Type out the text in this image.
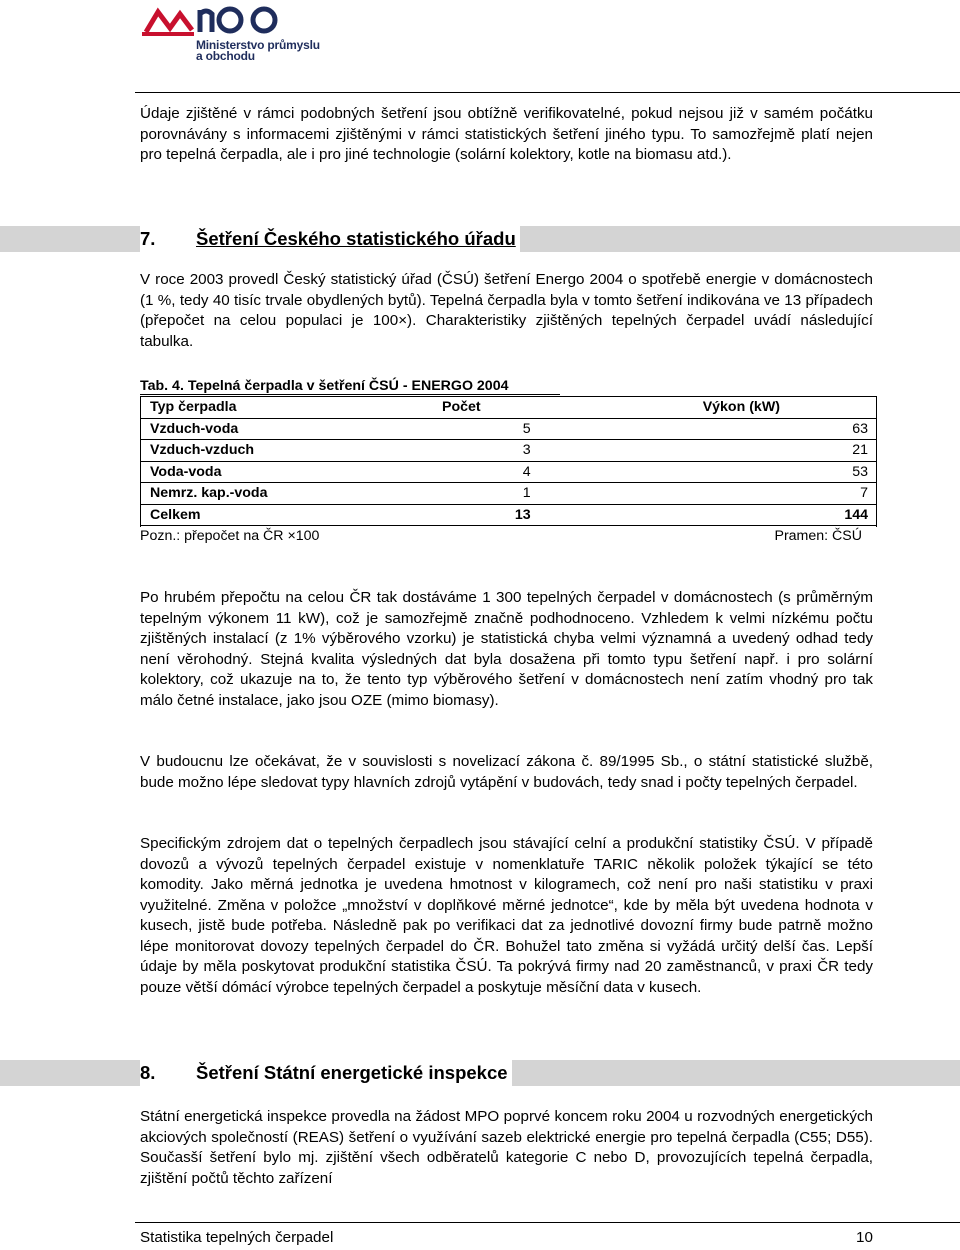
Ministerstvo průmyslu
a obchodu

Údaje zjištěné v rámci podobných šetření jsou obtížně verifikovatelné, pokud nejsou již v samém počátku porovnávány s informacemi zjištěnými v rámci statistických šetření jiného typu. To samozřejmě platí nejen pro tepelná čerpadla, ale i pro jiné technologie (solární kolektory, kotle na biomasu atd.).

7. Šetření Českého statistického úřadu

V roce 2003 provedl Český statistický úřad (ČSÚ) šetření Energo 2004 o spotřebě energie v domácnostech (1 %, tedy 40 tisíc trvale obydlených bytů). Tepelná čerpadla byla v tomto šetření indikována ve 13 případech (přepočet na celou populaci je 100×). Charakteristiky zjištěných tepelných čerpadel uvádí následující tabulka.

Tab. 4. Tepelná čerpadla v šetření ČSÚ - ENERGO 2004
Typ čerpadla	Počet	Výkon (kW)
Vzduch-voda	5	63
Vzduch-vzduch	3	21
Voda-voda	4	53
Nemrz. kap.-voda	1	7
Celkem	13	144
Pozn.: přepočet na ČR ×100	Pramen: ČSÚ

Po hrubém přepočtu na celou ČR tak dostáváme 1 300 tepelných čerpadel v domácnostech (s průměrným tepelným výkonem 11 kW), což je samozřejmě značně podhodnoceno. Vzhledem k velmi nízkému počtu zjištěných instalací (z 1% výběrového vzorku) je statistická chyba velmi významná a uvedený odhad tedy není věrohodný. Stejná kvalita výsledných dat byla dosažena při tomto typu šetření např. i pro solární kolektory, což ukazuje na to, že tento typ výběrového šetření v domácnostech není zatím vhodný pro tak málo četné instalace, jako jsou OZE (mimo biomasy).

V budoucnu lze očekávat, že v souvislosti s novelizací zákona č. 89/1995 Sb., o státní statistické službě, bude možno lépe sledovat typy hlavních zdrojů vytápění v budovách, tedy snad i počty tepelných čerpadel.

Specifickým zdrojem dat o tepelných čerpadlech jsou stávající celní a produkční statistiky ČSÚ. V případě dovozů a vývozů tepelných čerpadel existuje v nomenklatuře TARIC několik položek týkající se této komodity. Jako měrná jednotka je uvedena hmotnost v kilogramech, což není pro naši statistiku v praxi využitelné. Změna v položce „množství v doplňkové měrné jednotce“, kde by měla být uvedena hodnota v kusech, jistě bude potřeba. Následně pak po verifikaci dat za jednotlivé dovozní firmy bude patrně možno lépe monitorovat dovozy tepelných čerpadel do ČR. Bohužel tato změna si vyžádá určitý delší čas. Lepší údaje by měla poskytovat produkční statistika ČSÚ. Ta pokrývá firmy nad 20 zaměstnanců, v praxi ČR tedy pouze větší dómácí výrobce tepelných čerpadel a poskytuje měsíční data v kusech.

8. Šetření Státní energetické inspekce

Státní energetická inspekce provedla na žádost MPO poprvé koncem roku 2004 u rozvodných energetických akciových společností (REAS) šetření o využívání sazeb elektrické energie pro tepelná čerpadla (C55; D55). Současší šetření bylo mj. zjištění všech odběratelů kategorie C nebo D, provozujících tepelná čerpadla, zjištění počtů těchto zařízení

Statistika tepelných čerpadel	10
